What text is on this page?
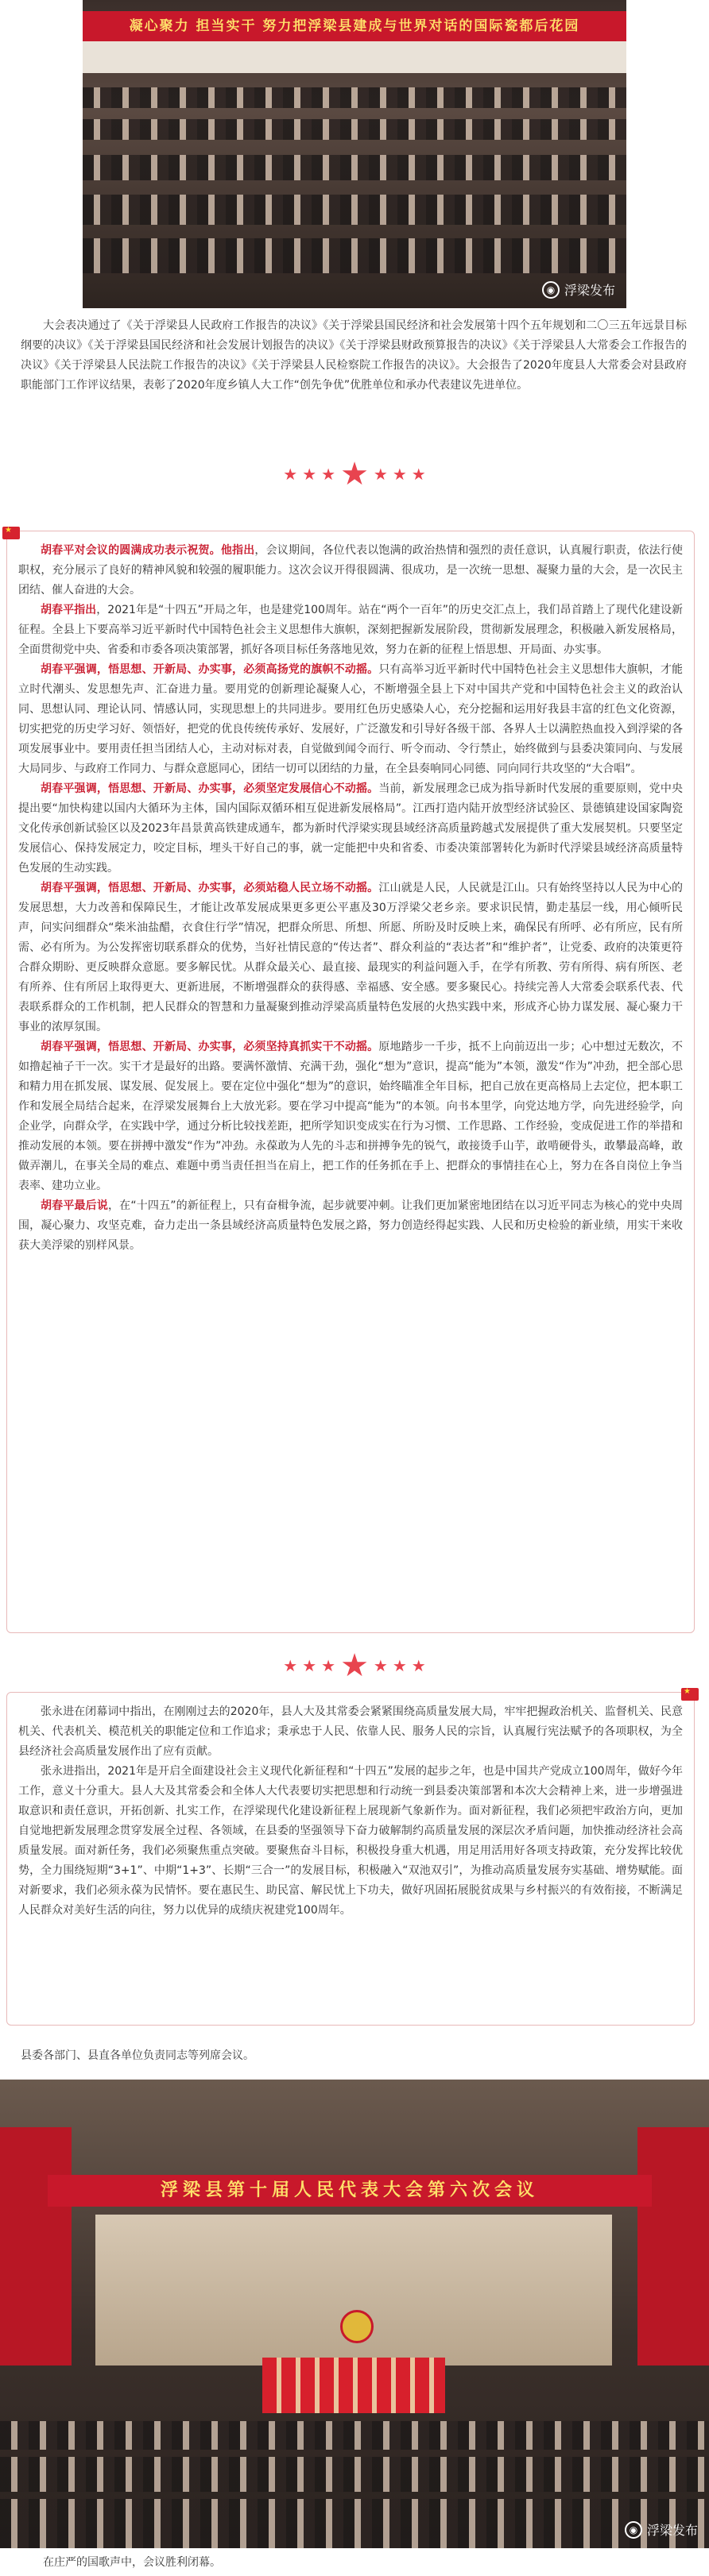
凝心聚力 担当实干 努力把浮梁县建成与世界对话的国际瓷都后花园
◉ 浮梁发布

大会表决通过了《关于浮梁县人民政府工作报告的决议》《关于浮梁县国民经济和社会发展第十四个五年规划和二〇三五年远景目标纲要的决议》《关于浮梁县国民经济和社会发展计划报告的决议》《关于浮梁县财政预算报告的决议》《关于浮梁县人大常委会工作报告的决议》《关于浮梁县人民法院工作报告的决议》《关于浮梁县人民检察院工作报告的决议》。大会报告了2020年度县人大常委会对县政府职能部门工作评议结果，表彰了2020年度乡镇人大工作“创先争优”优胜单位和承办代表建议先进单位。

★ ★ ★ ★ ★ ★ ★
★

胡春平对会议的圆满成功表示祝贺。他指出，会议期间，各位代表以饱满的政治热情和强烈的责任意识，认真履行职责，依法行使职权，充分展示了良好的精神风貌和较强的履职能力。这次会议开得很圆满、很成功，是一次统一思想、凝聚力量的大会，是一次民主团结、催人奋进的大会。

胡春平指出，2021年是“十四五”开局之年，也是建党100周年。站在“两个一百年”的历史交汇点上，我们昂首踏上了现代化建设新征程。全县上下要高举习近平新时代中国特色社会主义思想伟大旗帜，深刻把握新发展阶段，贯彻新发展理念，积极融入新发展格局，全面贯彻党中央、省委和市委各项决策部署，抓好各项目标任务落地见效，努力在新的征程上悟思想、开局面、办实事。

胡春平强调，悟思想、开新局、办实事，必须高扬党的旗帜不动摇。只有高举习近平新时代中国特色社会主义思想伟大旗帜，才能立时代潮头、发思想先声、汇奋进力量。要用党的创新理论凝聚人心，不断增强全县上下对中国共产党和中国特色社会主义的政治认同、思想认同、理论认同、情感认同，实现思想上的共同进步。要用红色历史感染人心，充分挖掘和运用好我县丰富的红色文化资源，切实把党的历史学习好、领悟好，把党的优良传统传承好、发展好，广泛激发和引导好各级干部、各界人士以满腔热血投入到浮梁的各项发展事业中。要用责任担当团结人心，主动对标对表，自觉做到闻令而行、听令而动、令行禁止，始终做到与县委决策同向、与发展大局同步、与政府工作同力、与群众意愿同心，团结一切可以团结的力量，在全县奏响同心同德、同向同行共攻坚的“大合唱”。

胡春平强调，悟思想、开新局、办实事，必须坚定发展信心不动摇。当前，新发展理念已成为指导新时代发展的重要原则，党中央提出要“加快构建以国内大循环为主体，国内国际双循环相互促进新发展格局”。江西打造内陆开放型经济试验区、景德镇建设国家陶瓷文化传承创新试验区以及2023年昌景黄高铁建成通车，都为新时代浮梁实现县域经济高质量跨越式发展提供了重大发展契机。只要坚定发展信心、保持发展定力，咬定目标，埋头干好自己的事，就一定能把中央和省委、市委决策部署转化为新时代浮梁县域经济高质量特色发展的生动实践。

胡春平强调，悟思想、开新局、办实事，必须站稳人民立场不动摇。江山就是人民，人民就是江山。只有始终坚持以人民为中心的发展思想，大力改善和保障民生，才能让改革发展成果更多更公平惠及30万浮梁父老乡亲。要求识民情，勤走基层一线，用心倾听民声，问实问细群众“柴米油盐醋，衣食住行学”情况，把群众所思、所想、所愿、所盼及时反映上来，确保民有所呼、必有所应，民有所需、必有所为。为公发挥密切联系群众的优势，当好社情民意的“传达者”、群众利益的“表达者”和“维护者”，让党委、政府的决策更符合群众期盼、更反映群众意愿。要多解民忧。从群众最关心、最直接、最现实的利益问题入手，在学有所教、劳有所得、病有所医、老有所养、住有所居上取得更大、更新进展，不断增强群众的获得感、幸福感、安全感。要多聚民心。持续完善人大常委会联系代表、代表联系群众的工作机制，把人民群众的智慧和力量凝聚到推动浮梁高质量特色发展的火热实践中来，形成齐心协力谋发展、凝心聚力干事业的浓厚氛围。

胡春平强调，悟思想、开新局、办实事，必须坚持真抓实干不动摇。原地踏步一千步，抵不上向前迈出一步；心中想过无数次，不如撸起袖子干一次。实干才是最好的出路。要满怀激情、充满干劲，强化“想为”意识，提高“能为”本领，激发“作为”冲劲，把全部心思和精力用在抓发展、谋发展、促发展上。要在定位中强化“想为”的意识，始终瞄准全年目标，把自己放在更高格局上去定位，把本职工作和发展全局结合起来，在浮梁发展舞台上大放光彩。要在学习中提高“能为”的本领。向书本里学，向党达地方学，向先进经验学，向企业学，向群众学，在实践中学，通过分析比较找差距，把所学知识变成实在行为习惯、工作思路、工作经验，变成促进工作的举措和推动发展的本领。要在拼搏中激发“作为”冲劲。永葆敢为人先的斗志和拼搏争先的锐气，敢接烫手山芋，敢啃硬骨头，敢攀最高峰，敢做弄潮儿，在事关全局的难点、难题中勇当责任担当在肩上，把工作的任务抓在手上、把群众的事情挂在心上，努力在各自岗位上争当表率、建功立业。

胡春平最后说，在“十四五”的新征程上，只有奋楫争流，起步就要冲刺。让我们更加紧密地团结在以习近平同志为核心的党中央周围，凝心聚力、攻坚克难，奋力走出一条县域经济高质量特色发展之路，努力创造经得起实践、人民和历史检验的新业绩，用实干来收获大美浮梁的别样风景。

★ ★ ★ ★ ★ ★ ★
★

张永进在闭幕词中指出，在刚刚过去的2020年，县人大及其常委会紧紧围绕高质量发展大局，牢牢把握政治机关、监督机关、民意机关、代表机关、模范机关的职能定位和工作追求；秉承忠于人民、依靠人民、服务人民的宗旨，认真履行宪法赋予的各项职权，为全县经济社会高质量发展作出了应有贡献。

张永进指出，2021年是开启全面建设社会主义现代化新征程和“十四五”发展的起步之年，也是中国共产党成立100周年，做好今年工作，意义十分重大。县人大及其常委会和全体人大代表要切实把思想和行动统一到县委决策部署和本次大会精神上来，进一步增强进取意识和责任意识，开拓创新、扎实工作，在浮梁现代化建设新征程上展现新气象新作为。面对新征程，我们必须把牢政治方向，更加自觉地把新发展理念贯穿发展全过程、各领域，在县委的坚强领导下奋力破解制约高质量发展的深层次矛盾问题，加快推动经济社会高质量发展。面对新任务，我们必须聚焦重点突破。要聚焦奋斗目标，积极投身重大机遇，用足用活用好各项支持政策，充分发挥比较优势，全力围绕短期“3+1”、中期“1+3”、长期“三合一”的发展目标，积极融入“双池双引”，为推动高质量发展夯实基础、增势赋能。面对新要求，我们必须永葆为民情怀。要在惠民生、助民富、解民忧上下功夫，做好巩固拓展脱贫成果与乡村振兴的有效衔接，不断满足人民群众对美好生活的向往，努力以优异的成绩庆祝建党100周年。

县委各部门、县直各单位负责同志等列席会议。

浮梁县第十届人民代表大会第六次会议
◉ 浮梁发布

在庄严的国歌声中，会议胜利闭幕。
